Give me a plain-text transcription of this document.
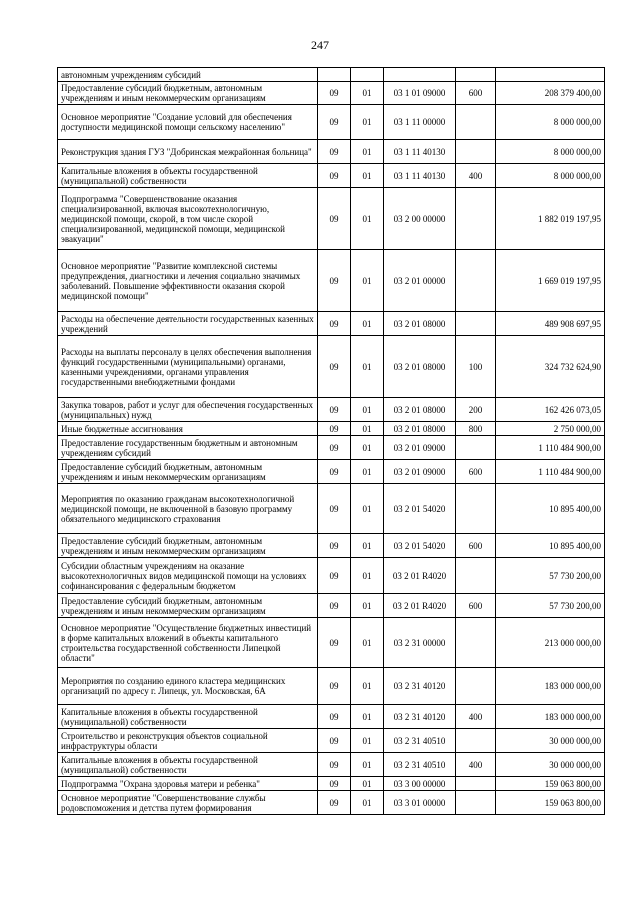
247
автономным учреждениям субсидий					
Предоставление субсидий бюджетным, автономным учреждениям и иным некоммерческим организациям	09	01	03 1 01 09000	600	208 379 400,00
Основное мероприятие "Создание условий для обеспечения доступности медицинской помощи сельскому населению"	09	01	03 1 11 00000		8 000 000,00
Реконструкция здания ГУЗ "Добринская межрайонная больница"	09	01	03 1 11 40130		8 000 000,00
Капитальные вложения в объекты государственной (муниципальной) собственности	09	01	03 1 11 40130	400	8 000 000,00
Подпрограмма "Совершенствование оказания специализированной, включая высокотехнологичную, медицинской помощи, скорой, в том числе скорой специализированной, медицинской помощи, медицинской эвакуации"	09	01	03 2 00 00000		1 882 019 197,95
Основное мероприятие "Развитие комплексной системы предупреждения, диагностики и лечения социально значимых заболеваний. Повышение эффективности оказания скорой медицинской помощи"	09	01	03 2 01 00000		1 669 019 197,95
Расходы на обеспечение деятельности государственных казенных учреждений	09	01	03 2 01 08000		489 908 697,95
Расходы на выплаты персоналу в целях обеспечения выполнения функций государственными (муниципальными) органами, казенными учреждениями, органами управления государственными внебюджетными фондами	09	01	03 2 01 08000	100	324 732 624,90
Закупка товаров, работ и услуг для обеспечения государственных (муниципальных) нужд	09	01	03 2 01 08000	200	162 426 073,05
Иные бюджетные ассигнования	09	01	03 2 01 08000	800	2 750 000,00
Предоставление государственным бюджетным и автономным учреждениям субсидий	09	01	03 2 01 09000		1 110 484 900,00
Предоставление субсидий бюджетным, автономным учреждениям и иным некоммерческим организациям	09	01	03 2 01 09000	600	1 110 484 900,00
Мероприятия по оказанию гражданам высокотехнологичной медицинской помощи, не включенной в базовую программу обязательного медицинского страхования	09	01	03 2 01 54020		10 895 400,00
Предоставление субсидий бюджетным, автономным учреждениям и иным некоммерческим организациям	09	01	03 2 01 54020	600	10 895 400,00
Субсидии областным учреждениям на оказание высокотехнологичных видов медицинской помощи на условиях софинансирования с федеральным бюджетом	09	01	03 2 01 R4020		57 730 200,00
Предоставление субсидий бюджетным, автономным учреждениям и иным некоммерческим организациям	09	01	03 2 01 R4020	600	57 730 200,00
Основное мероприятие "Осуществление бюджетных инвестиций в форме капитальных вложений в объекты капитального строительства государственной собственности Липецкой области"	09	01	03 2 31 00000		213 000 000,00
Мероприятия по созданию единого кластера медицинских организаций по адресу г. Липецк, ул. Московская, 6А	09	01	03 2 31 40120		183 000 000,00
Капитальные вложения в объекты государственной (муниципальной) собственности	09	01	03 2 31 40120	400	183 000 000,00
Строительство и реконструкция объектов социальной инфраструктуры области	09	01	03 2 31 40510		30 000 000,00
Капитальные вложения в объекты государственной (муниципальной) собственности	09	01	03 2 31 40510	400	30 000 000,00
Подпрограмма "Охрана здоровья матери и ребенка"	09	01	03 3 00 00000		159 063 800,00
Основное мероприятие "Совершенствование службы родовспоможения и детства путем формирования	09	01	03 3 01 00000		159 063 800,00
